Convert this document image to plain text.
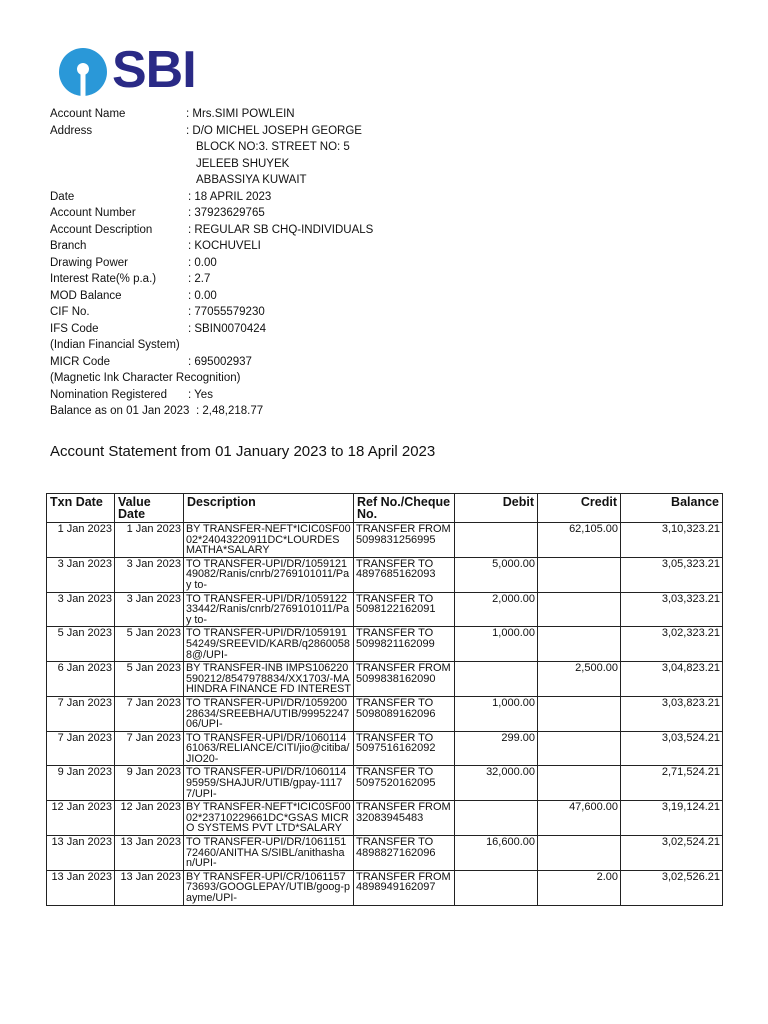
SBI
Account Name	: Mrs.SIMI POWLEIN
Address	: D/O MICHEL JOSEPH GEORGE
BLOCK NO:3. STREET NO: 5
JELEEB SHUYEK
ABBASSIYA KUWAIT
Date	: 18 APRIL 2023
Account Number	: 37923629765
Account Description	: REGULAR SB CHQ-INDIVIDUALS
Branch	: KOCHUVELI
Drawing Power	: 0.00
Interest Rate(% p.a.)	: 2.7
MOD Balance	: 0.00
CIF No.	: 77055579230
IFS Code	: SBIN0070424
(Indian Financial System)
MICR Code	: 695002937
(Magnetic Ink Character Recognition)
Nomination Registered : Yes
Balance as on 01 Jan 2023 : 2,48,218.77
Account Statement from 01 January 2023 to 18 April 2023
Txn Date	Value Date	Description	Ref No./Cheque No.	Debit	Credit	Balance
1 Jan 2023	1 Jan 2023	BY TRANSFER-NEFT*ICIC0SF0002*24043220911DC*LOURDES MATHA*SALARY	TRANSFER FROM 5099831256995		62,105.00	3,10,323.21
3 Jan 2023	3 Jan 2023	TO TRANSFER-UPI/DR/105912149082/Ranis/cnrb/2769101011/Pay to-	TRANSFER TO 4897685162093	5,000.00		3,05,323.21
3 Jan 2023	3 Jan 2023	TO TRANSFER-UPI/DR/105912233442/Ranis/cnrb/2769101011/Pay to-	TRANSFER TO 5098122162091	2,000.00		3,03,323.21
5 Jan 2023	5 Jan 2023	TO TRANSFER-UPI/DR/105919154249/SREEVID/KARB/q28600588@/UPI-	TRANSFER TO 5099821162099	1,000.00		3,02,323.21
6 Jan 2023	5 Jan 2023	BY TRANSFER-INB IMPS106220590212/8547978834/XX1703/-MAHINDRA FINANCE FD INTEREST	TRANSFER FROM 5099838162090		2,500.00	3,04,823.21
7 Jan 2023	7 Jan 2023	TO TRANSFER-UPI/DR/105920028634/SREEBHA/UTIB/9995224706/UPI-	TRANSFER TO 5098089162096	1,000.00		3,03,823.21
7 Jan 2023	7 Jan 2023	TO TRANSFER-UPI/DR/106011461063/RELIANCE/CITI/jio@citiba/JIO20-	TRANSFER TO 5097516162092	299.00		3,03,524.21
9 Jan 2023	9 Jan 2023	TO TRANSFER-UPI/DR/106011495959/SHAJUR/UTIB/gpay-11177/UPI-	TRANSFER TO 5097520162095	32,000.00		2,71,524.21
12 Jan 2023	12 Jan 2023	BY TRANSFER-NEFT*ICIC0SF0002*23710229661DC*GSAS MICRO SYSTEMS PVT LTD*SALARY	TRANSFER FROM 32083945483		47,600.00	3,19,124.21
13 Jan 2023	13 Jan 2023	TO TRANSFER-UPI/DR/106115172460/ANITHA S/SIBL/anithashan/UPI-	TRANSFER TO 4898827162096	16,600.00		3,02,524.21
13 Jan 2023	13 Jan 2023	BY TRANSFER-UPI/CR/106115773693/GOOGLEPAY/UTIB/goog-payme/UPI-	TRANSFER FROM 4898949162097		2.00	3,02,526.21
